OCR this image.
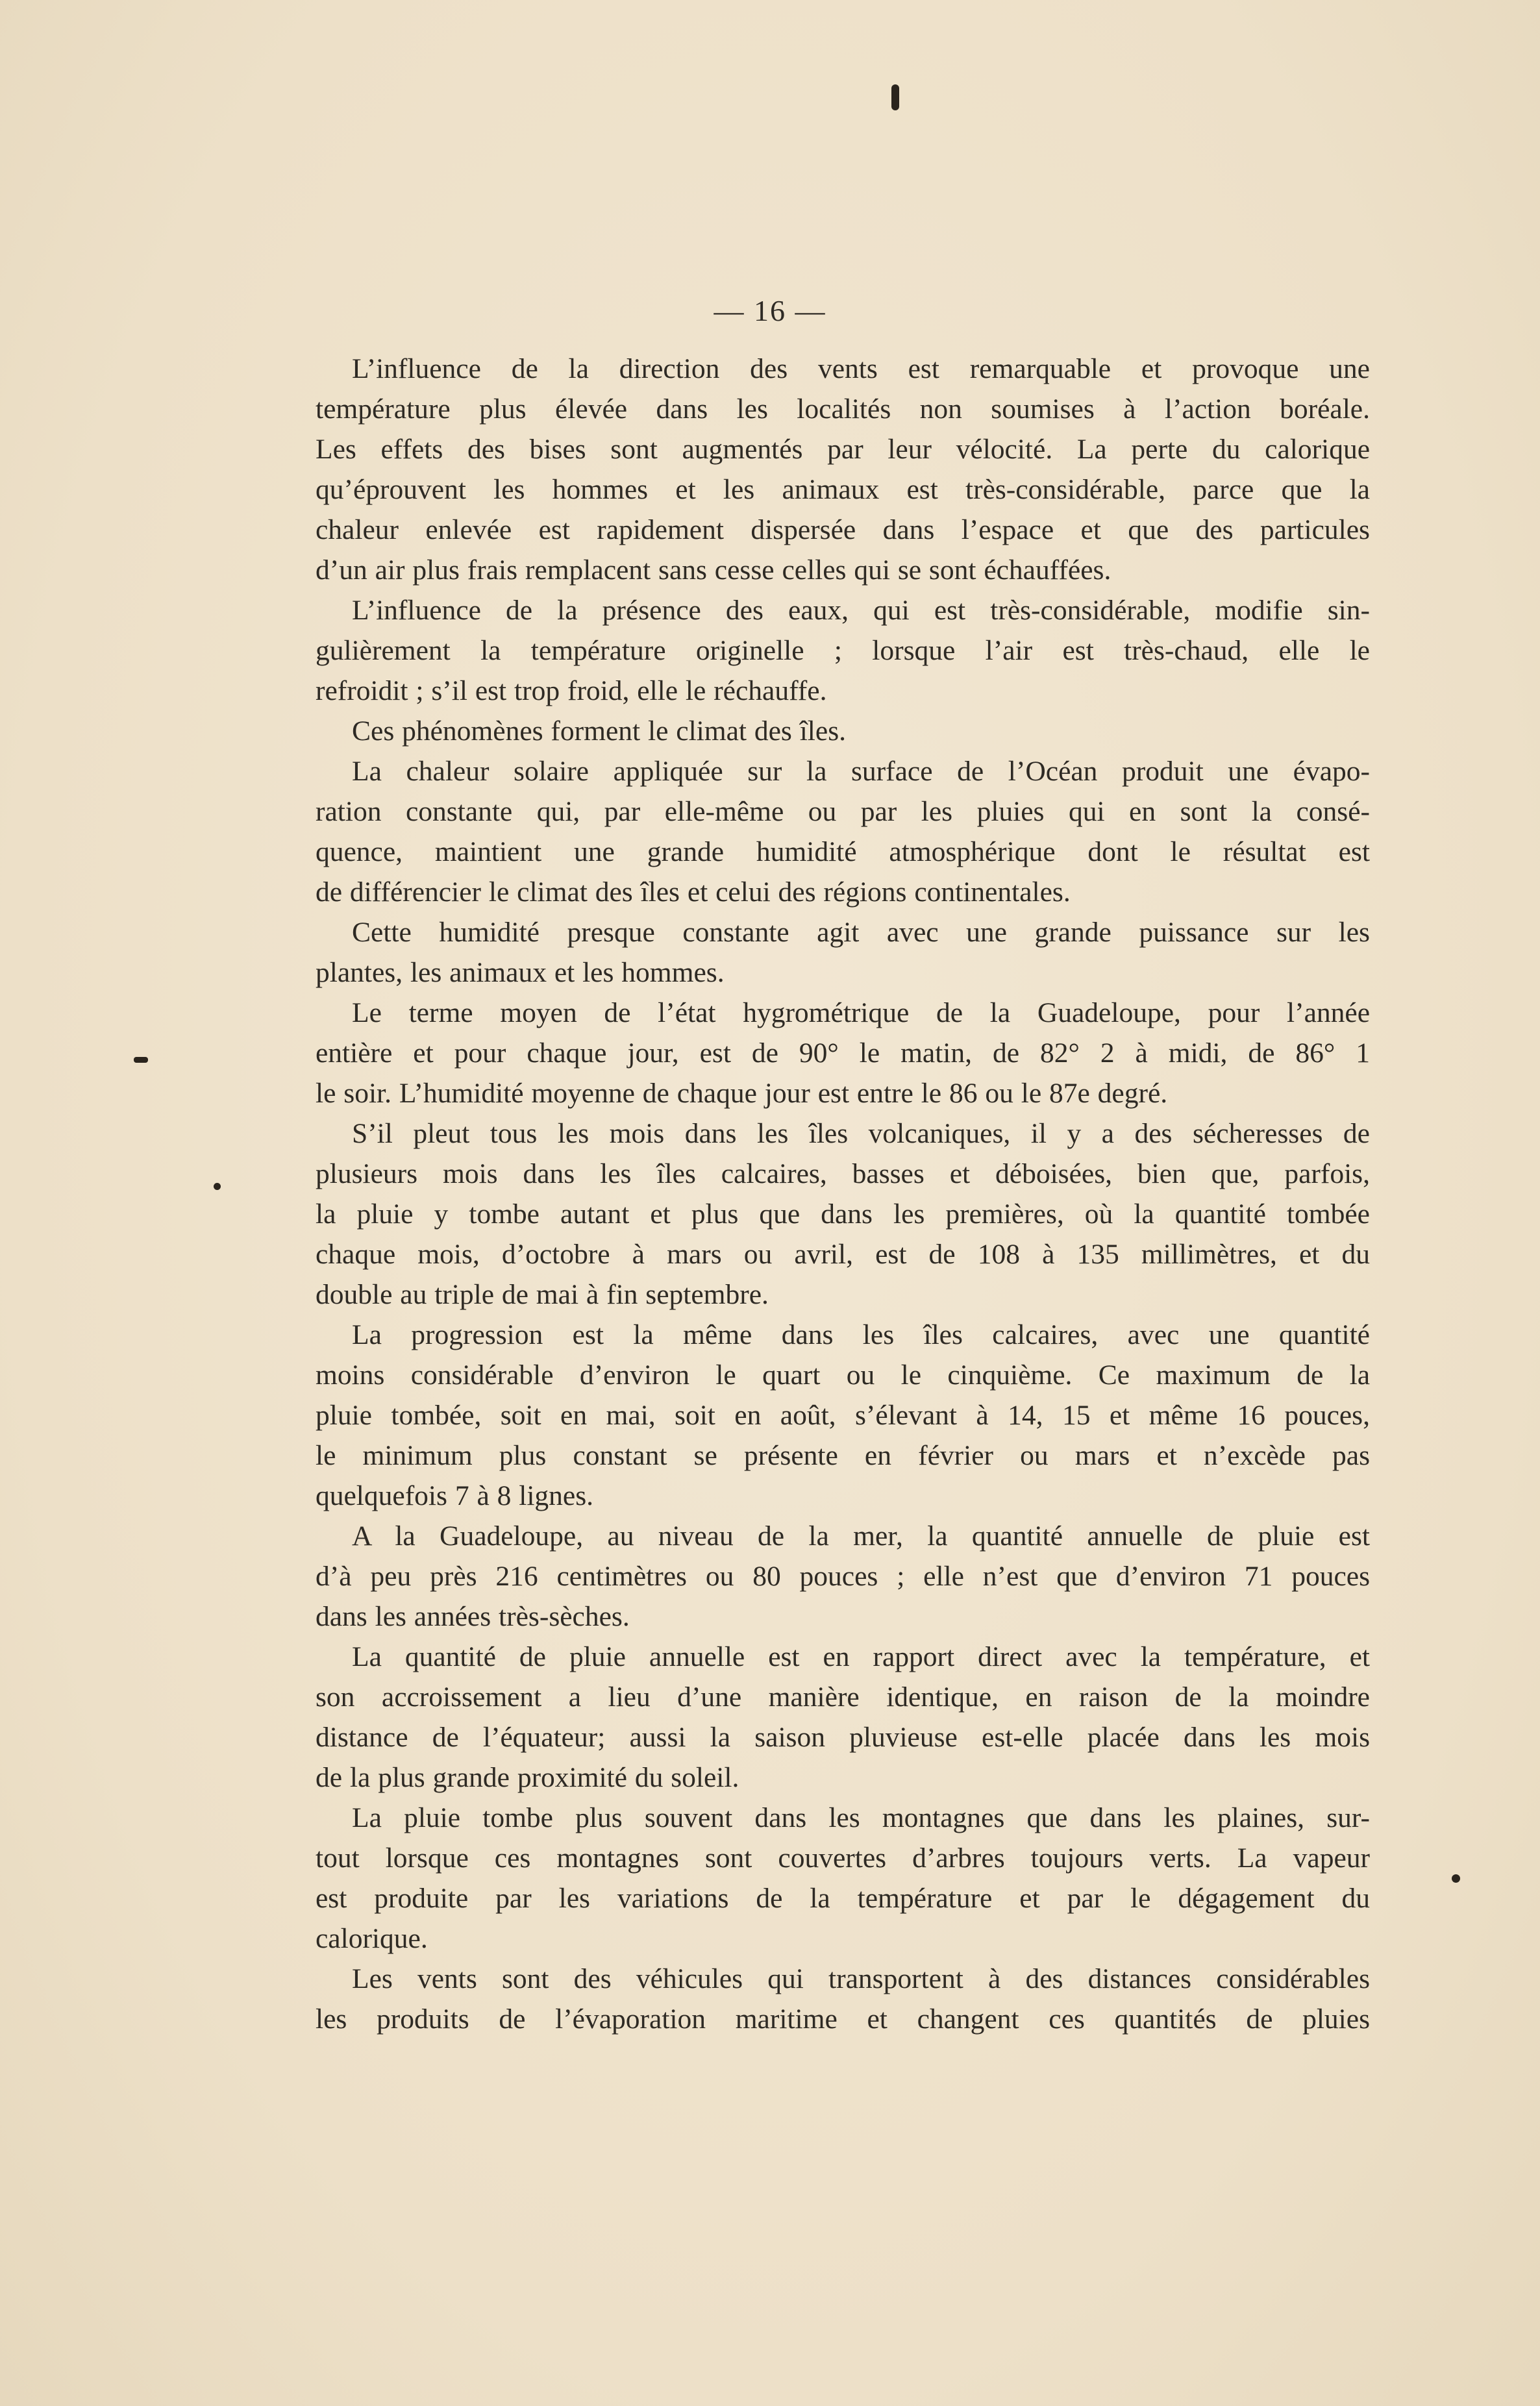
— 16 —
L’influence de la direction des vents est remarquable et provoque une
température plus élevée dans les localités non soumises à l’action boréale.
Les effets des bises sont augmentés par leur vélocité. La perte du calorique
qu’éprouvent les hommes et les animaux est très-considérable, parce que la
chaleur enlevée est rapidement dispersée dans l’espace et que des particules
d’un air plus frais remplacent sans cesse celles qui se sont échauffées.
L’influence de la présence des eaux, qui est très-considérable, modifie sin-
gulièrement la température originelle ; lorsque l’air est très-chaud, elle le
refroidit ; s’il est trop froid, elle le réchauffe.
Ces phénomènes forment le climat des îles.
La chaleur solaire appliquée sur la surface de l’Océan produit une évapo-
ration constante qui, par elle-même ou par les pluies qui en sont la consé-
quence, maintient une grande humidité atmosphérique dont le résultat est
de différencier le climat des îles et celui des régions continentales.
Cette humidité presque constante agit avec une grande puissance sur les
plantes, les animaux et les hommes.
Le terme moyen de l’état hygrométrique de la Guadeloupe, pour l’année
entière et pour chaque jour, est de 90° le matin, de 82° 2 à midi, de 86° 1
le soir. L’humidité moyenne de chaque jour est entre le 86 ou le 87e degré.
S’il pleut tous les mois dans les îles volcaniques, il y a des sécheresses de
plusieurs mois dans les îles calcaires, basses et déboisées, bien que, parfois,
la pluie y tombe autant et plus que dans les premières, où la quantité tombée
chaque mois, d’octobre à mars ou avril, est de 108 à 135 millimètres, et du
double au triple de mai à fin septembre.
La progression est la même dans les îles calcaires, avec une quantité
moins considérable d’environ le quart ou le cinquième. Ce maximum de la
pluie tombée, soit en mai, soit en août, s’élevant à 14, 15 et même 16 pouces,
le minimum plus constant se présente en février ou mars et n’excède pas
quelquefois 7 à 8 lignes.
A la Guadeloupe, au niveau de la mer, la quantité annuelle de pluie est
d’à peu près 216 centimètres ou 80 pouces ; elle n’est que d’environ 71 pouces
dans les années très-sèches.
La quantité de pluie annuelle est en rapport direct avec la température, et
son accroissement a lieu d’une manière identique, en raison de la moindre
distance de l’équateur; aussi la saison pluvieuse est-elle placée dans les mois
de la plus grande proximité du soleil.
La pluie tombe plus souvent dans les montagnes que dans les plaines, sur-
tout lorsque ces montagnes sont couvertes d’arbres toujours verts. La vapeur
est produite par les variations de la température et par le dégagement du
calorique.
Les vents sont des véhicules qui transportent à des distances considérables
les produits de l’évaporation maritime et changent ces quantités de pluies
